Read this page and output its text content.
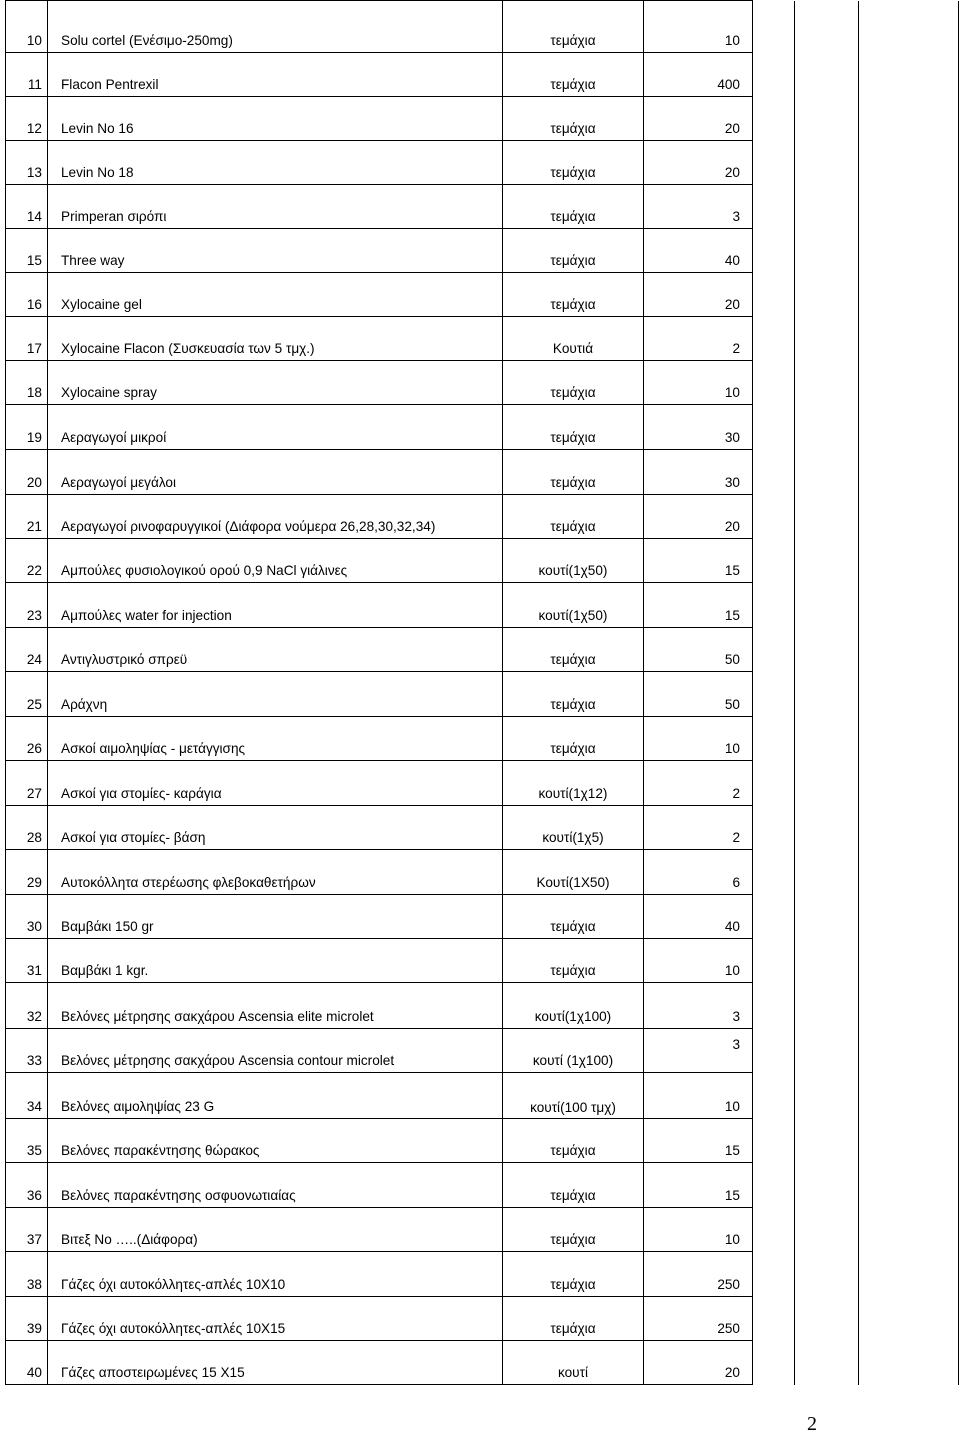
10	Solu cortel (Ενέσιμο-250mg)	τεμάχια	10			
11	Flacon Pentrexil	τεμάχια	400			
12	Levin No 16	τεμάχια	20			
13	Levin No 18	τεμάχια	20			
14	Primperan σιρόπι	τεμάχια	3			
15	Three way	τεμάχια	40			
16	Xylocaine gel	τεμάχια	20			
17	Xylocaine Flacon (Συσκευασία των 5 τμχ.)	Κουτιά	2			
18	Xylocaine spray	τεμάχια	10			
19	Αεραγωγοί μικροί	τεμάχια	30			
20	Αεραγωγοί μεγάλοι	τεμάχια	30			
21	Αεραγωγοί ρινοφαρυγγικοί (Διάφορα νούμερα 26,28,30,32,34)	τεμάχια	20			
22	Αμπούλες φυσιολογικού ορού 0,9 NaCl γιάλινες	κουτί(1χ50)	15			
23	Αμπούλες water for injection	κουτί(1χ50)	15			
24	Αντιγλυστρικό σπρεϋ	τεμάχια	50			
25	Αράχνη	τεμάχια	50			
26	Ασκοί αιμοληψίας - μετάγγισης	τεμάχια	10			
27	Ασκοί για στομίες- καράγια	κουτί(1χ12)	2			
28	Ασκοί για στομίες- βάση	κουτί(1χ5)	2			
29	Αυτοκόλλητα στερέωσης φλεβοκαθετήρων	Κουτί(1Χ50)	6			
30	Βαμβάκι 150 gr	τεμάχια	40			
31	Βαμβάκι 1 kgr.	τεμάχια	10			
32	Βελόνες μέτρησης σακχάρου Ascensia elite microlet	κουτί(1χ100)	3			
33	Βελόνες μέτρησης σακχάρου Ascensia contour microlet	κουτί (1χ100)	3			
34	Βελόνες αιμοληψίας 23 G	κουτί(100 τμχ)	10			
35	Βελόνες παρακέντησης θώρακος	τεμάχια	15			
36	Βελόνες παρακέντησης οσφυονωτιαίας	τεμάχια	15			
37	Βιτεξ Νο …..(Διάφορα)	τεμάχια	10			
38	Γάζες όχι αυτοκόλλητες-απλές 10Χ10	τεμάχια	250			
39	Γάζες όχι αυτοκόλλητες-απλές 10Χ15	τεμάχια	250			
40	Γάζες αποστειρωμένες 15 Χ15	κουτί	20			
2
